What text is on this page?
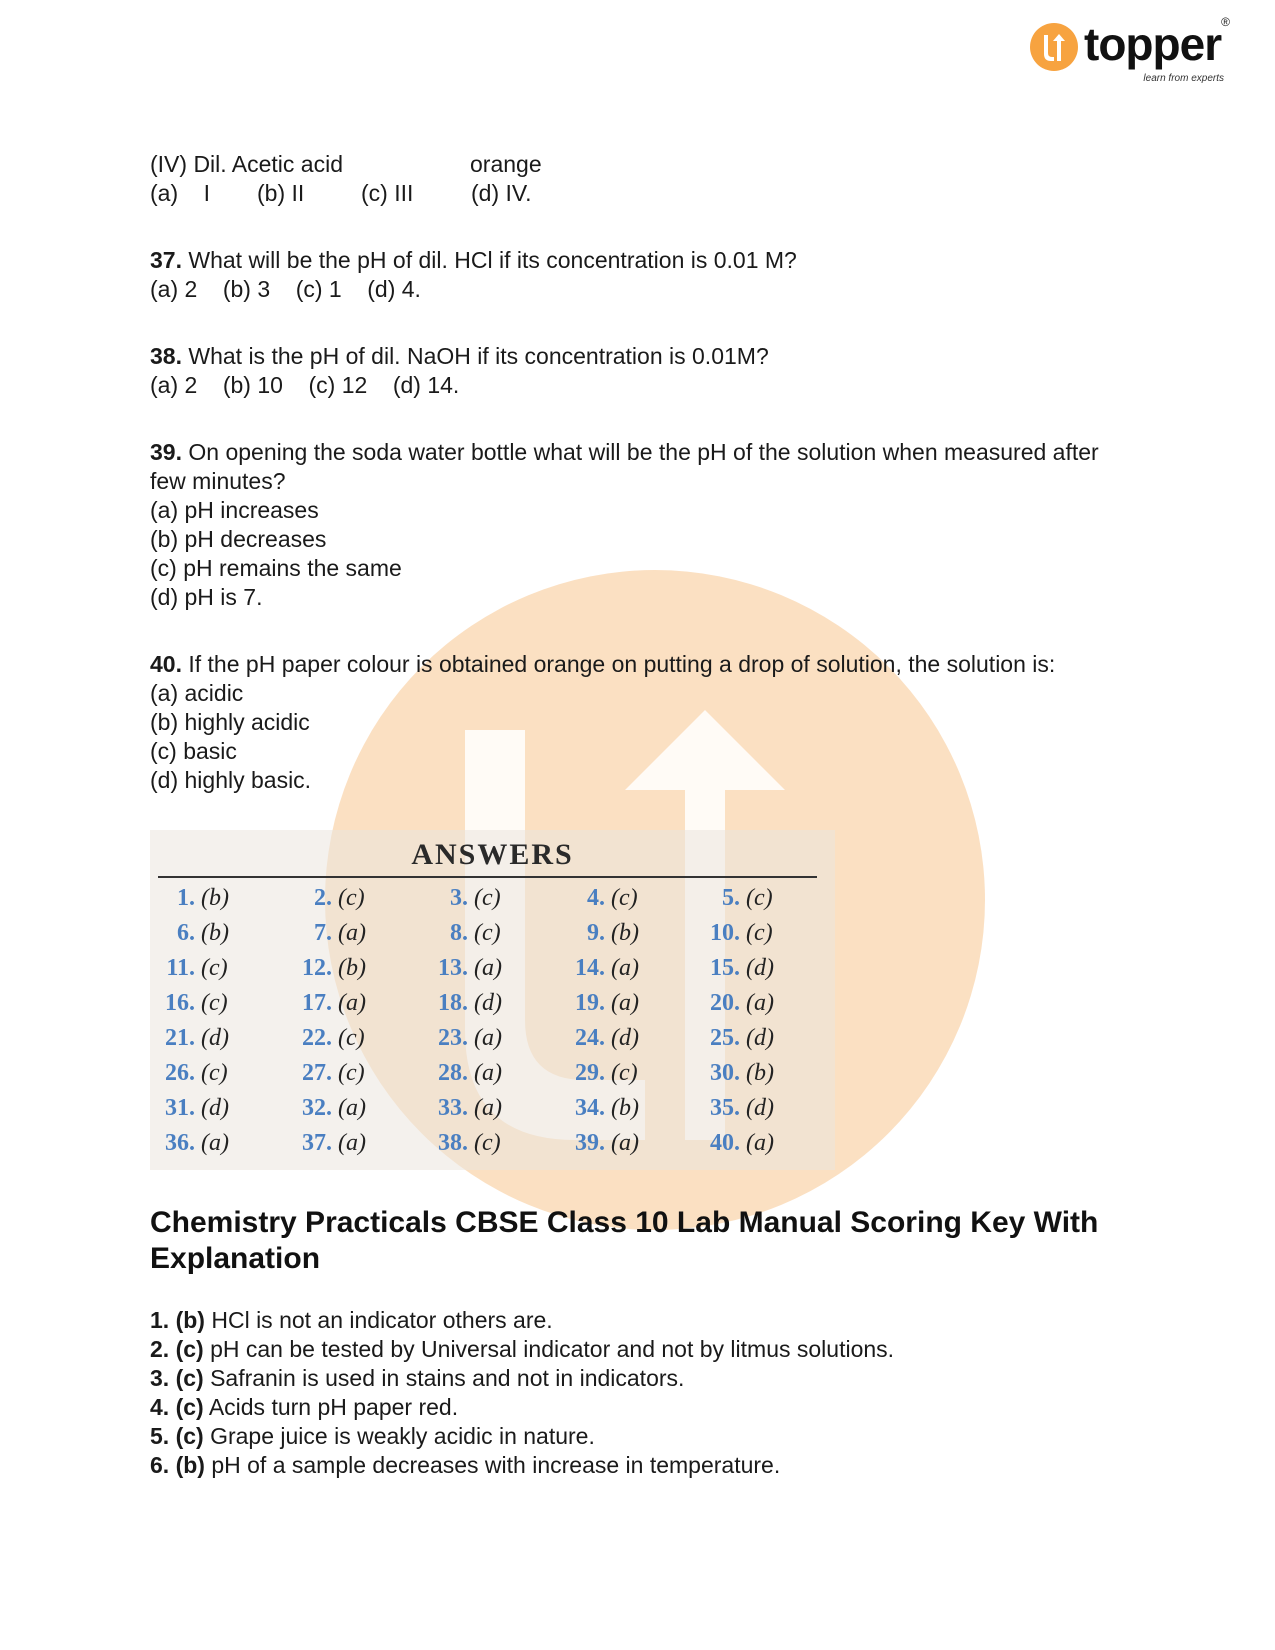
topper ®
learn from experts
(IV) Dil. Acetic acid	orange
(a)    I	(b) II	(c) III	(d) IV.
37. What will be the pH of dil. HCl if its concentration is 0.01 M?
(a) 2    (b) 3    (c) 1    (d) 4.
38. What is the pH of dil. NaOH if its concentration is 0.01M?
(a) 2    (b) 10    (c) 12    (d) 14.
39. On opening the soda water bottle what will be the pH of the solution when measured after few minutes?
(a) pH increases
(b) pH decreases
(c) pH remains the same
(d) pH is 7.
40. If the pH paper colour is obtained orange on putting a drop of solution, the solution is:
(a) acidic
(b) highly acidic
(c) basic
(d) highly basic.
ANSWERS
1. (b)	2. (c)	3. (c)	4. (c)	5. (c)
6. (b)	7. (a)	8. (c)	9. (b)	10. (c)
11. (c)	12. (b)	13. (a)	14. (a)	15. (d)
16. (c)	17. (a)	18. (d)	19. (a)	20. (a)
21. (d)	22. (c)	23. (a)	24. (d)	25. (d)
26. (c)	27. (c)	28. (a)	29. (c)	30. (b)
31. (d)	32. (a)	33. (a)	34. (b)	35. (d)
36. (a)	37. (a)	38. (c)	39. (a)	40. (a)
Chemistry Practicals CBSE Class 10 Lab Manual Scoring Key With Explanation
1. (b) HCl is not an indicator others are.
2. (c) pH can be tested by Universal indicator and not by litmus solutions.
3. (c) Safranin is used in stains and not in indicators.
4. (c) Acids turn pH paper red.
5. (c) Grape juice is weakly acidic in nature.
6. (b) pH of a sample decreases with increase in temperature.
